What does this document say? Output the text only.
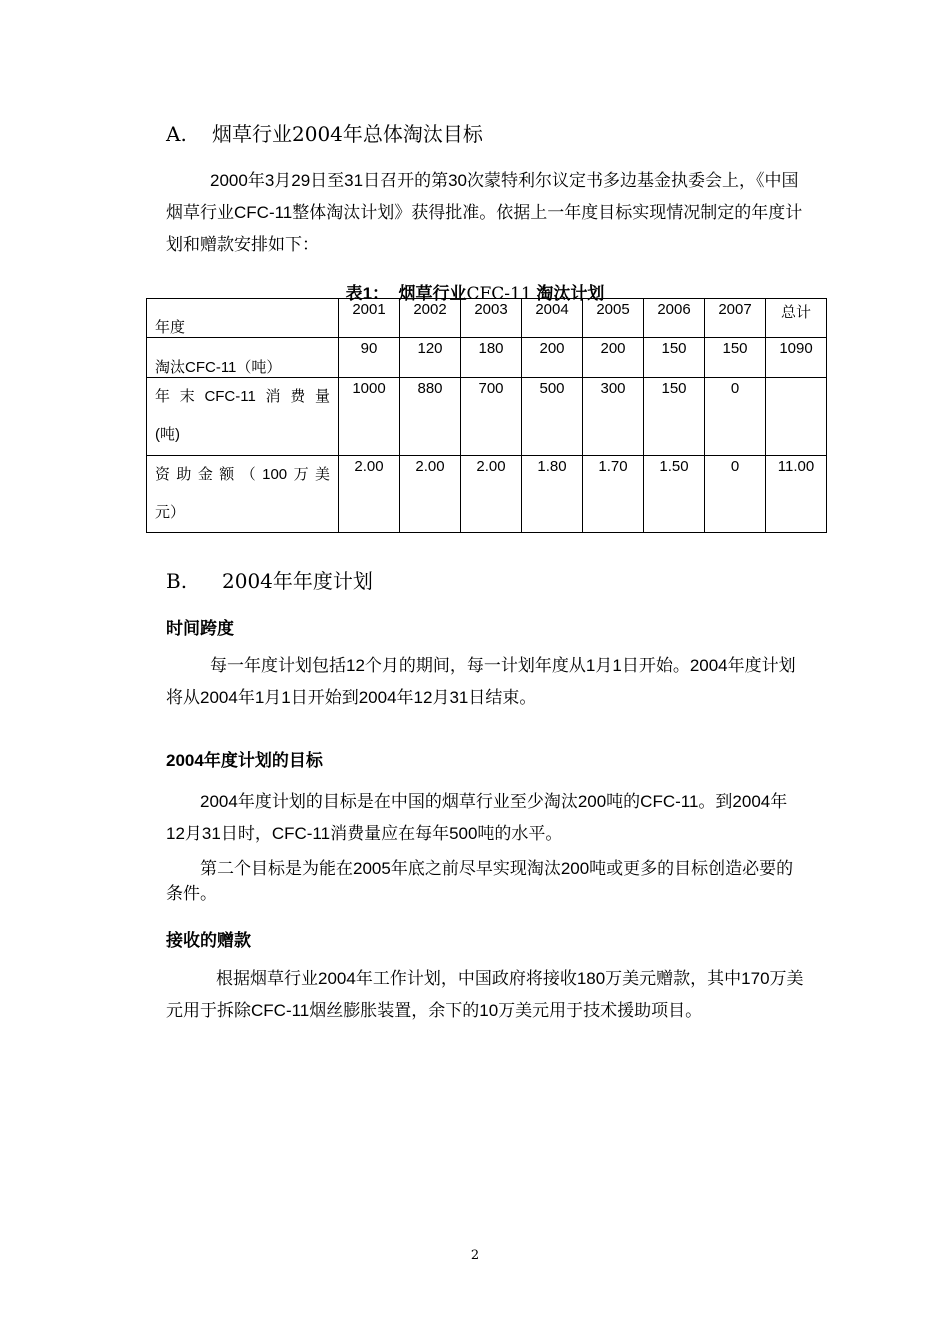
A. 烟草行业2004年总体淘汰目标

2000年3月29日至31日召开的第30次蒙特利尔议定书多边基金执委会上，《中国烟草行业CFC-11整体淘汰计划》获得批准。依据上一年度目标实现情况制定的年度计划和赠款安排如下：

表1： 烟草行业CFC-11 淘汰计划
年度	2001	2002	2003	2004	2005	2006	2007	总计

淘汰CFC-11（吨）	90	120	180	200	200	150	150	1090

年末CFC-11消费量
(吨)	1000	880	700	500	300	150	0	

资助金额（100万美
元）	2.00	2.00	2.00	1.80	1.70	1.50	0	11.00
B. 2004年年度计划
时间跨度

每一年度计划包括12个月的期间，每一计划年度从1月1日开始。2004年度计划将从2004年1月1日开始到2004年12月31日结束。

2004年度计划的目标

2004年度计划的目标是在中国的烟草行业至少淘汰200吨的CFC-11。到2004年12月31日时，CFC-11消费量应在每年500吨的水平。

第二个目标是为能在2005年底之前尽早实现淘汰200吨或更多的目标创造必要的条件。

接收的赠款

根据烟草行业2004年工作计划，中国政府将接收180万美元赠款，其中170万美元用于拆除CFC-11烟丝膨胀装置，余下的10万美元用于技术援助项目。

2
